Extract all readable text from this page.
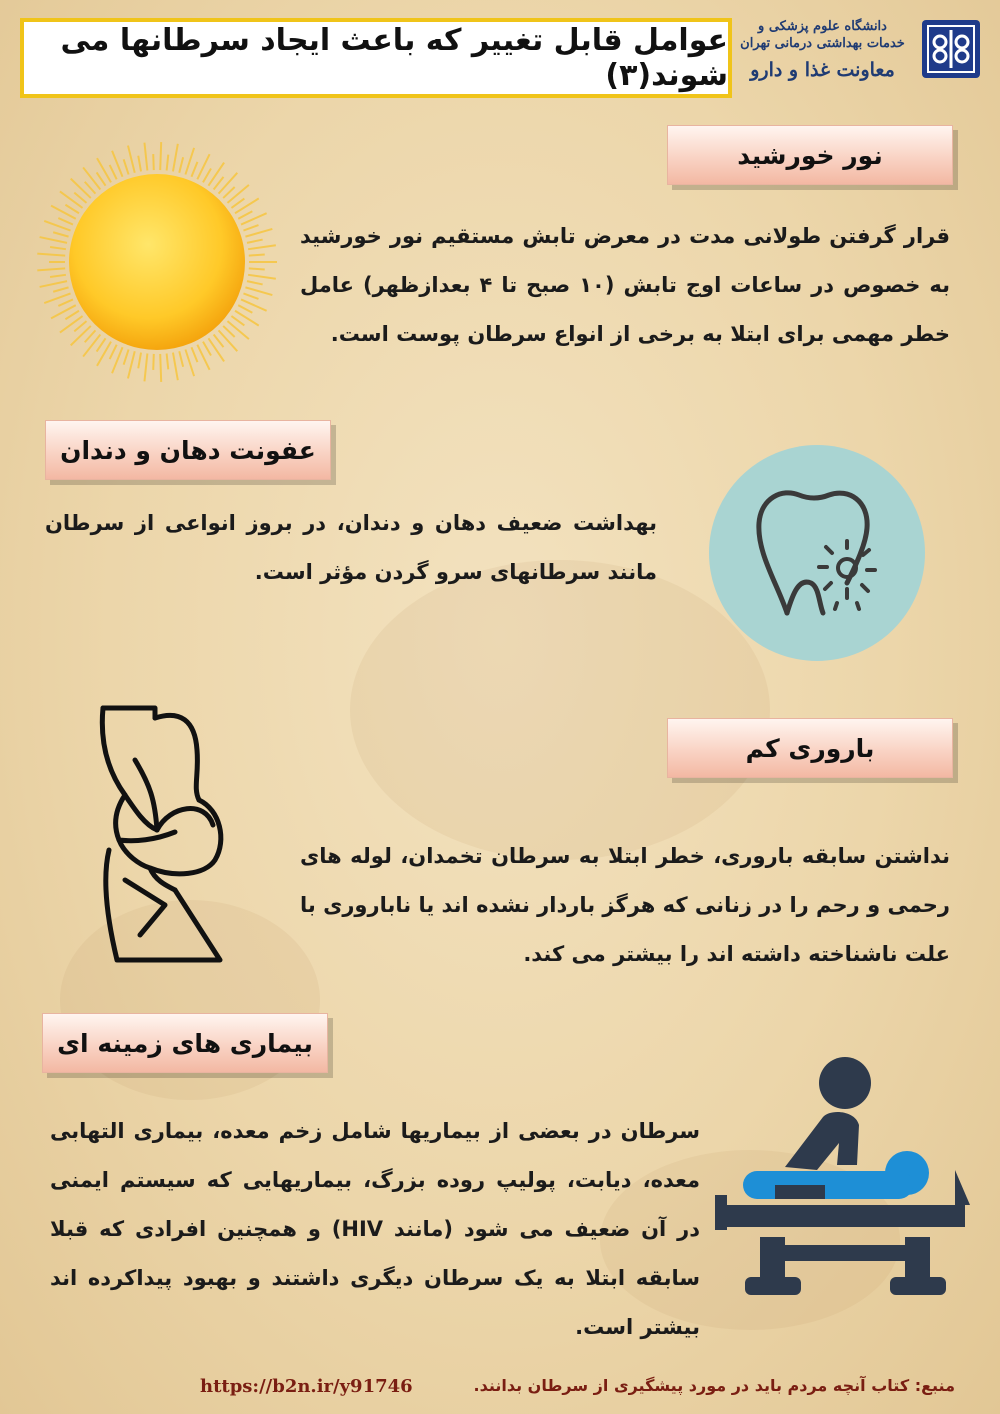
عوامل قابل تغییر که باعث ایجاد سرطانها می شوند(۳)
دانشگاه علوم پزشکی و خدمات بهداشتی درمانی تهران
معاونت غذا و دارو
نور خورشید

قرار گرفتن طولانی مدت در معرض تابش مستقیم نور خورشید به خصوص در ساعات اوج تابش (۱۰ صبح تا ۴ بعدازظهر) عامل خطر مهمی برای ابتلا به برخی از انواع سرطان پوست است.

عفونت دهان و دندان

بهداشت ضعیف دهان و دندان، در بروز انواعی از سرطان مانند سرطانهای سرو گردن مؤثر است.

باروری کم

نداشتن سابقه باروری، خطر ابتلا به سرطان تخمدان، لوله های رحمی و رحم را در زنانی که هرگز باردار نشده اند یا ناباروری با علت ناشناخته داشته اند را بیشتر می کند.

بیماری های زمینه ای

سرطان در بعضی از بیماریها شامل زخم معده، بیماری التهابی معده، دیابت، پولیپ روده بزرگ، بیماریهایی که سیستم ایمنی در آن ضعیف می شود (مانند HIV) و همچنین افرادی که قبلا سابقه ابتلا به یک سرطان دیگری داشتند و بهبود پیداکرده اند بیشتر است.

منبع: کتاب آنچه مردم باید در مورد پیشگیری از سرطان بدانند.
https://b2n.ir/y91746
